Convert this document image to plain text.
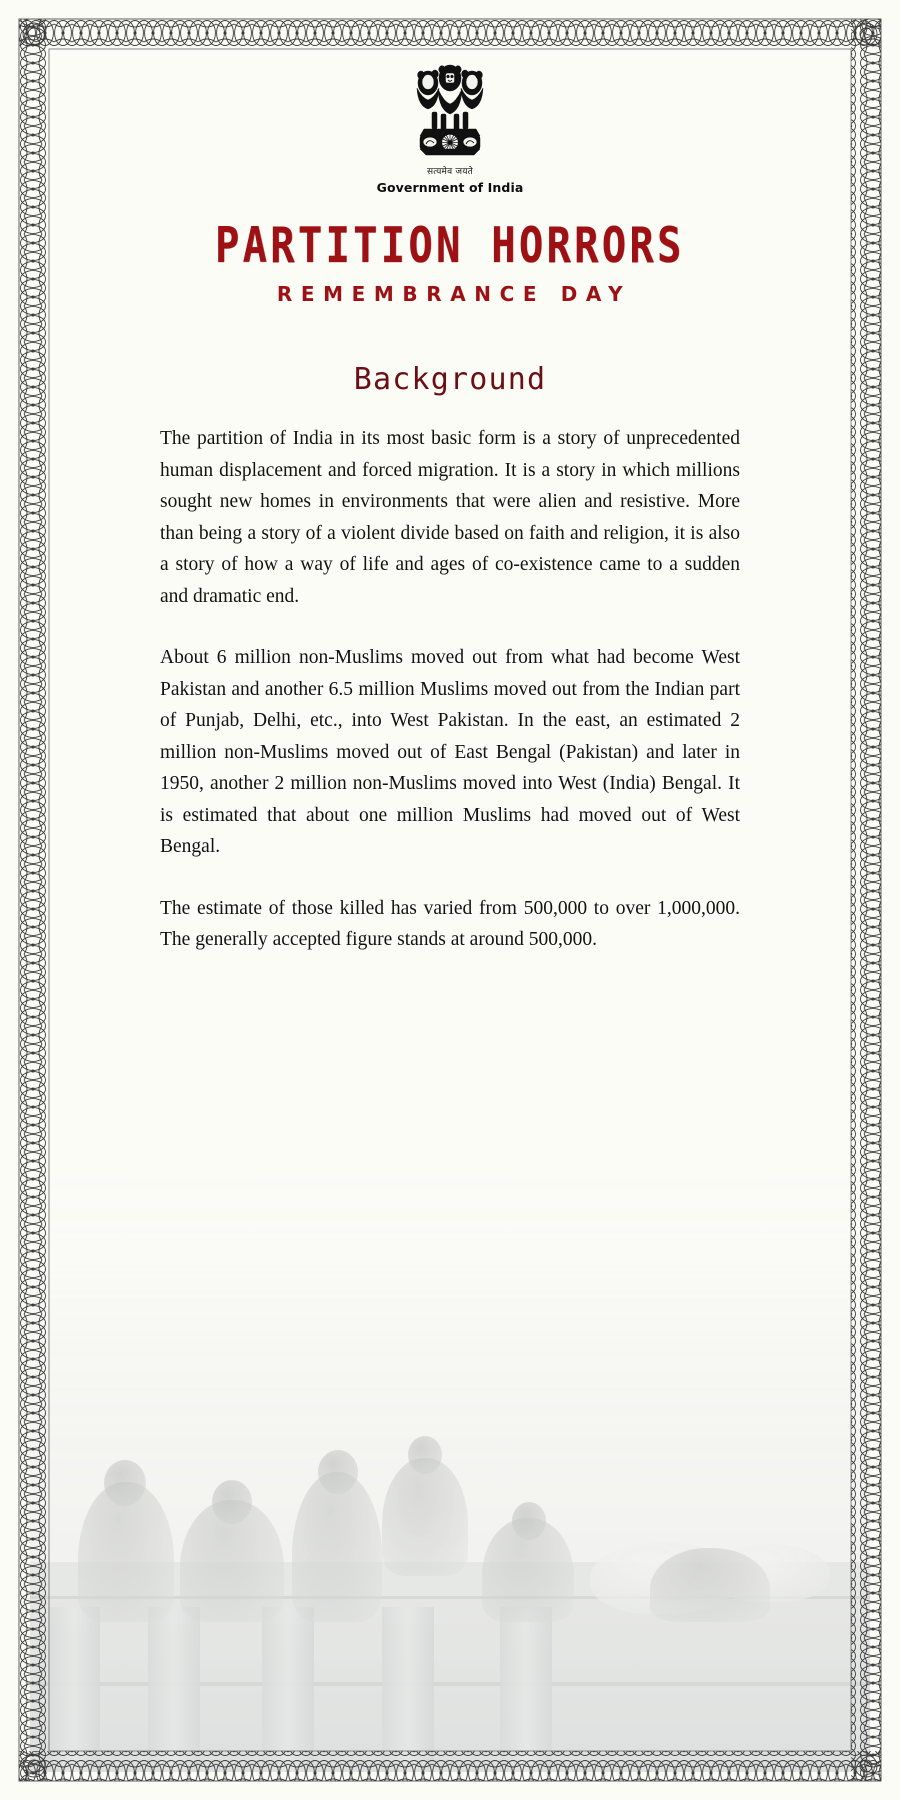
सत्यमेव जयते
Government of India
PARTITION HORRORS
REMEMBRANCE DAY
Background

The partition of India in its most basic form is a story of unprecedented human displacement and forced migration. It is a story in which millions sought new homes in environments that were alien and resistive. More than being a story of a violent divide based on faith and religion, it is also a story of how a way of life and ages of co-existence came to a sudden and dramatic end.

About 6 million non-Muslims moved out from what had become West Pakistan and another 6.5 million Muslims moved out from the Indian part of Punjab, Delhi, etc., into West Pakistan. In the east, an estimated 2 million non-Muslims moved out of East Bengal (Pakistan) and later in 1950, another 2 million non-Muslims moved into West (India) Bengal. It is estimated that about one million Muslims had moved out of West Bengal.

The estimate of those killed has varied from 500,000 to over 1,000,000. The generally accepted figure stands at around 500,000.
